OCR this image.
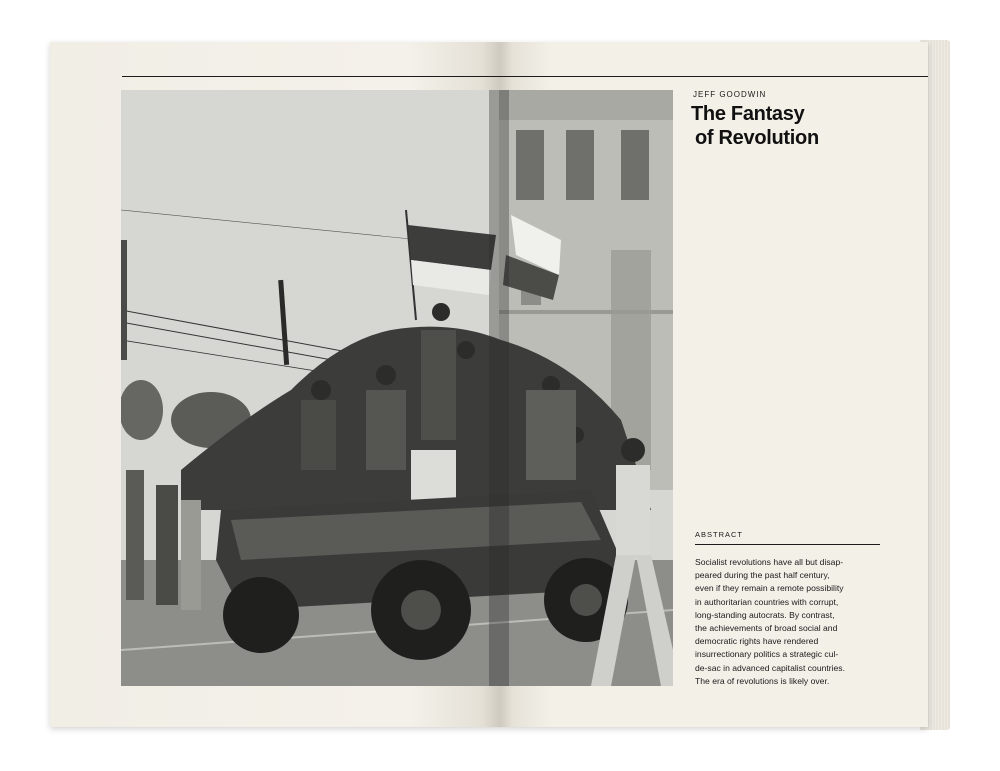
JEFF GOODWIN
The Fantasy
of Revolution
ABSTRACT
Socialist revolutions have all but disap-
peared during the past half century,
even if they remain a remote possibility
in authoritarian countries with corrupt,
long-standing autocrats. By contrast,
the achievements of broad social and
democratic rights have rendered
insurrectionary politics a strategic cul-
de-sac in advanced capitalist countries.
The era of revolutions is likely over.
